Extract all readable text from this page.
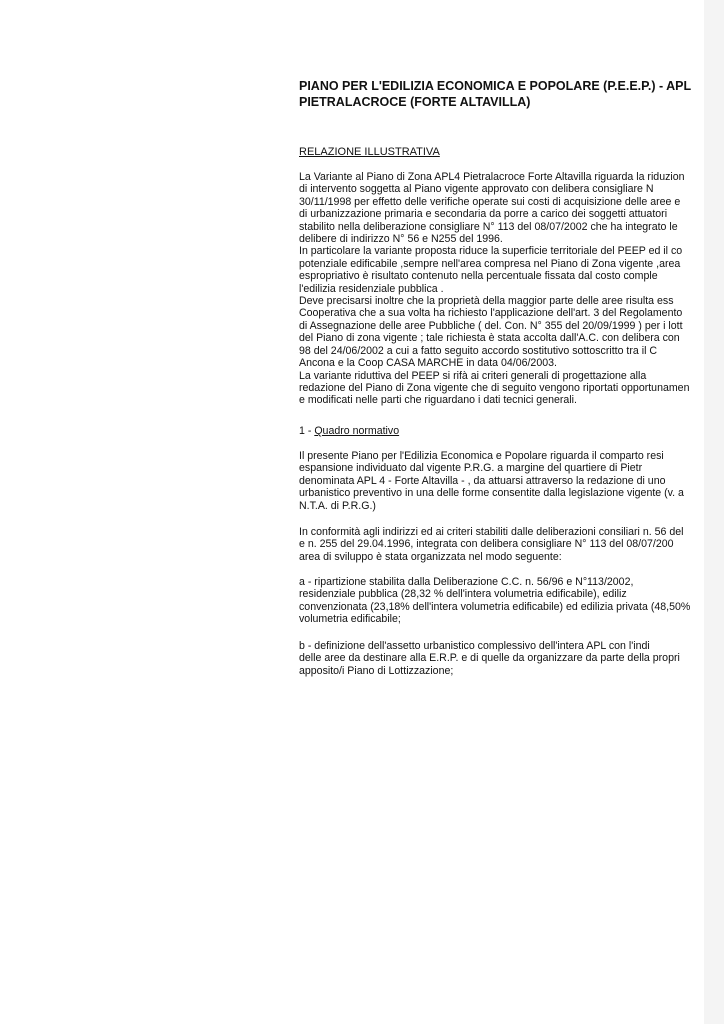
PIANO PER L'EDILIZIA ECONOMICA E POPOLARE (P.E.E.P.) - APL
PIETRALACROCE (FORTE ALTAVILLA)
RELAZIONE ILLUSTRATIVA
La Variante al Piano di Zona APL4 Pietralacroce Forte Altavilla riguarda la riduzion
di intervento soggetta al Piano vigente approvato con delibera consigliare N
30/11/1998 per effetto delle verifiche operate sui costi di acquisizione delle aree e
di urbanizzazione primaria e secondaria da porre a carico dei soggetti attuatori
stabilito nella deliberazione consigliare N° 113 del 08/07/2002 che ha integrato le
delibere di indirizzo N° 56 e N255 del 1996.
In particolare la variante proposta riduce la superficie territoriale del PEEP ed il co
potenziale edificabile ,sempre nell'area compresa nel Piano di Zona vigente ,area
espropriativo è risultato contenuto nella percentuale fissata dal costo comple
l'edilizia residenziale pubblica .
Deve precisarsi inoltre che la proprietà della maggior parte delle aree risulta ess
Cooperativa che a sua volta ha richiesto l'applicazione dell'art. 3 del Regolamento
di Assegnazione delle aree Pubbliche ( del. Con. N° 355 del 20/09/1999 ) per i lott
del Piano di zona vigente ; tale richiesta è stata accolta dall'A.C. con delibera con
98 del 24/06/2002 a cui a fatto seguito accordo sostitutivo sottoscritto tra il C
Ancona e la Coop CASA MARCHE in data 04/06/2003.
La variante riduttiva del PEEP si rifà ai criteri generali di progettazione alla
redazione del Piano di Zona vigente che di seguito vengono riportati opportunamen
e modificati nelle parti che riguardano i dati tecnici generali.
1 - Quadro normativo
Il presente Piano per l'Edilizia Economica e Popolare riguarda il comparto resi
espansione individuato dal vigente P.R.G. a margine del quartiere di Pietr
denominata APL 4 - Forte Altavilla - , da attuarsi attraverso la redazione di uno
urbanistico preventivo in una delle forme consentite dalla legislazione vigente (v. a
N.T.A. di P.R.G.)
In conformità agli indirizzi ed ai criteri stabiliti dalle deliberazioni consiliari n. 56 del
e n. 255 del 29.04.1996, integrata con delibera consigliare N° 113 del 08/07/200
area di sviluppo è stata organizzata nel modo seguente:
a - ripartizione stabilita dalla Deliberazione C.C. n. 56/96 e N°113/2002,
residenziale pubblica (28,32 % dell'intera volumetria edificabile), ediliz
convenzionata (23,18% dell'intera volumetria edificabile) ed edilizia privata (48,50%
volumetria edificabile;
b - definizione dell'assetto urbanistico complessivo dell'intera APL con l'indi
delle aree da destinare alla E.R.P. e di quelle da organizzare da parte della propri
apposito/i Piano di Lottizzazione;
